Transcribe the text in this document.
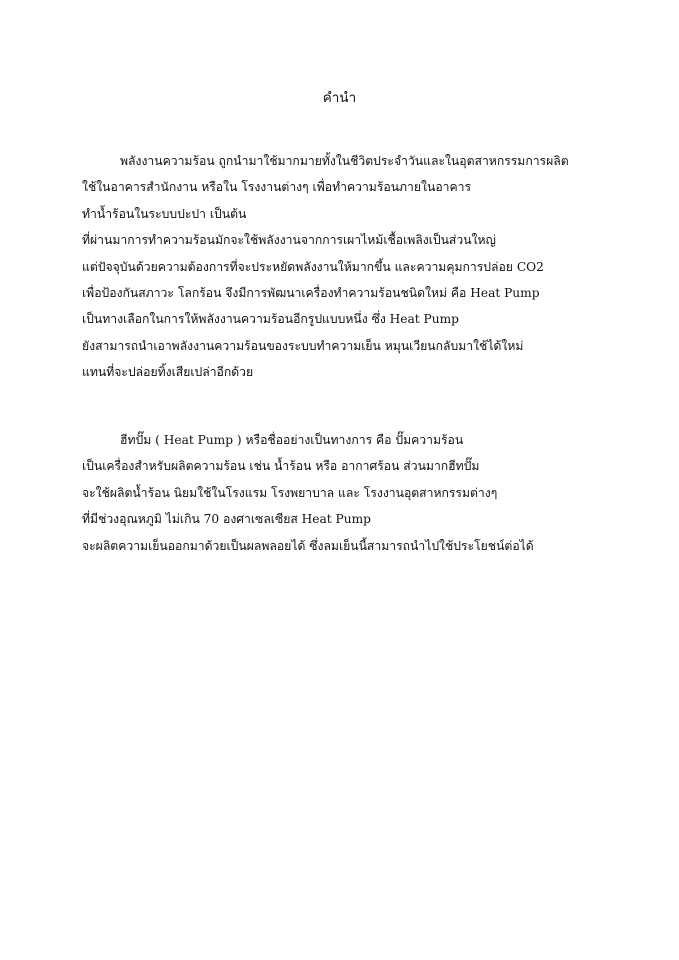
คำนำ
พลังงานความร้อน ถูกนำมาใช้มากมายทั้งในชีวิตประจำวันและในอุตสาหกรรมการผลิต
ใช้ในอาคารสำนักงาน หรือใน โรงงานต่างๆ เพื่อทำความร้อนภายในอาคาร
ทำน้ำร้อนในระบบปะปา เป็นต้น
ที่ผ่านมาการทำความร้อนมักจะใช้พลังงานจากการเผาไหม้เชื้อเพลิงเป็นส่วนใหญ่
แต่ปัจจุบันด้วยความต้องการที่จะประหยัดพลังงานให้มากขึ้น และความคุมการปล่อย CO2
เพื่อป้องกันสภาวะ โลกร้อน จึงมีการพัฒนาเครื่องทำความร้อนชนิดใหม่ คือ Heat Pump
เป็นทางเลือกในการให้พลังงานความร้อนอีกรูปแบบหนึ่ง ซึ่ง Heat Pump
ยังสามารถนำเอาพลังงานความร้อนของระบบทำความเย็น หมุนเวียนกลับมาใช้ได้ใหม่
แทนที่จะปล่อยทิ้งเสียเปล่าอีกด้วย
ฮีทปั๊ม ( Heat Pump ) หรือชื่ออย่างเป็นทางการ คือ ปั๊มความร้อน
เป็นเครื่องสำหรับผลิตความร้อน เช่น น้ำร้อน หรือ อากาศร้อน ส่วนมากฮีทปั๊ม
จะใช้ผลิตน้ำร้อน นิยมใช้ในโรงแรม โรงพยาบาล และ โรงงานอุตสาหกรรมต่างๆ
ที่มีช่วงอุณหภูมิ ไม่เกิน 70 องศาเซลเซียส Heat Pump
จะผลิตความเย็นออกมาด้วยเป็นผลพลอยได้ ซึ่งลมเย็นนี้สามารถนำไปใช้ประโยชน์ต่อได้
